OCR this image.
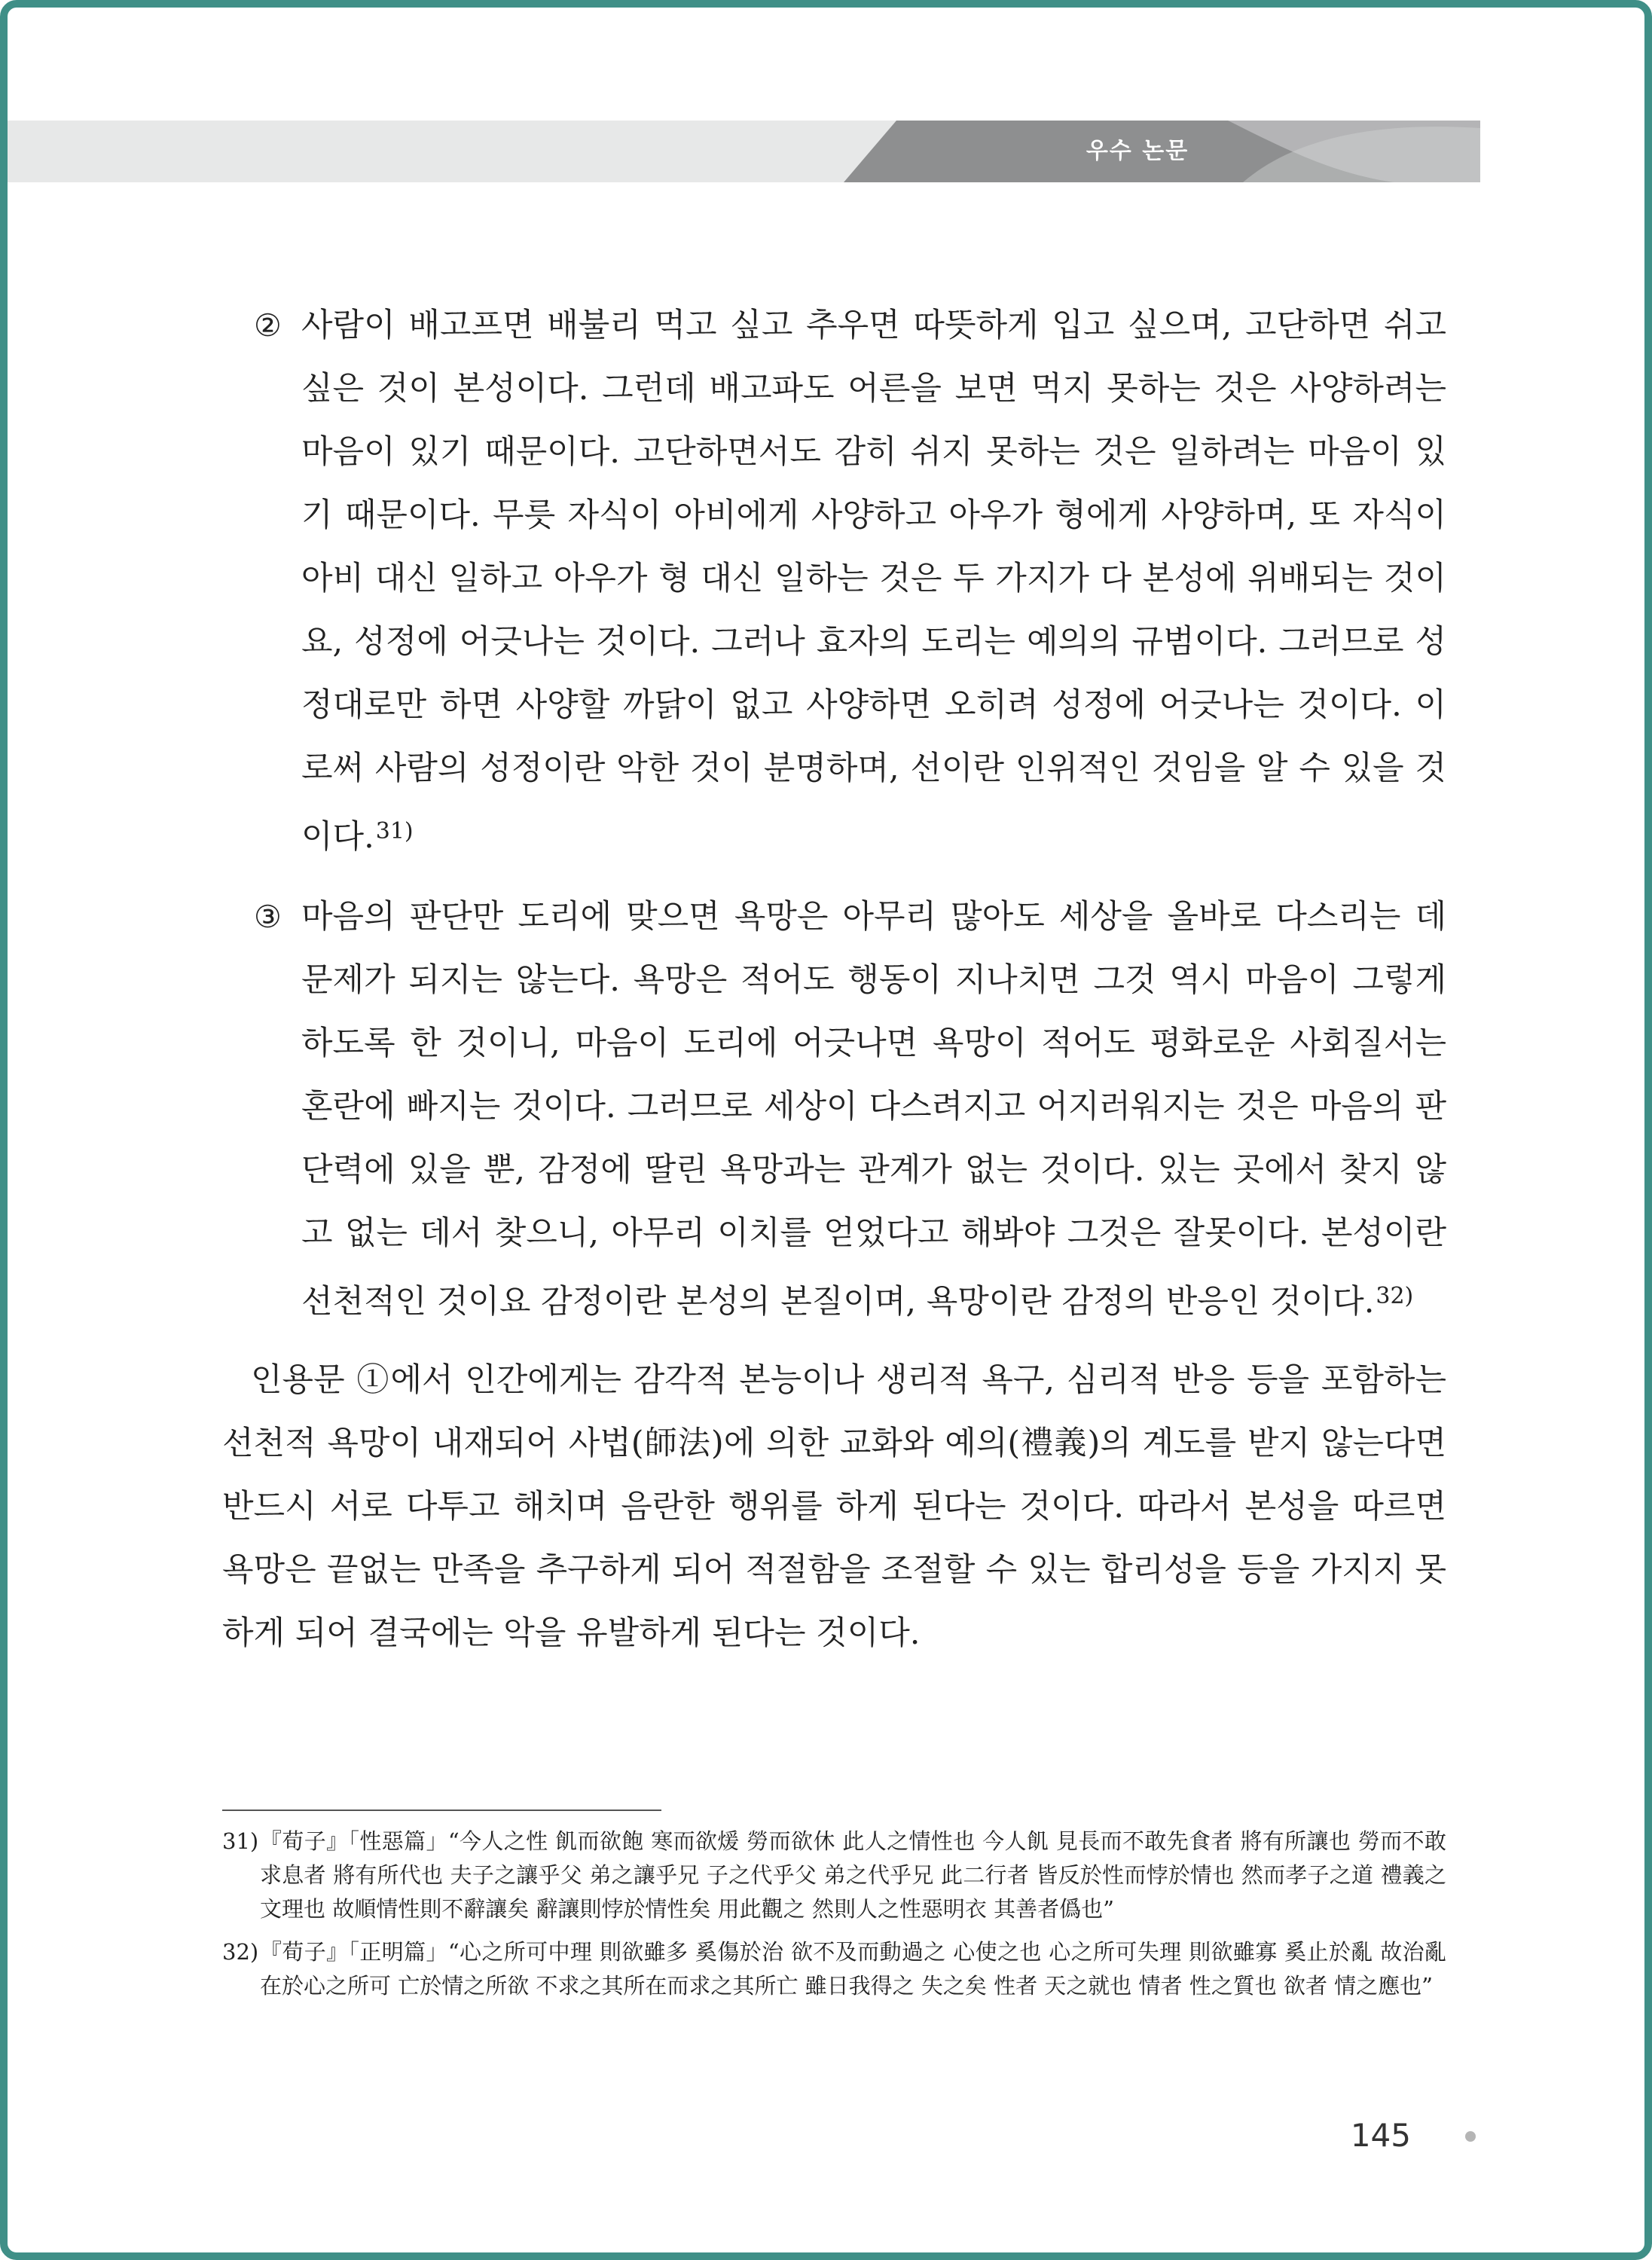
우수 논문
② 사람이 배고프면 배불리 먹고 싶고 추우면 따뜻하게 입고 싶으며, 고단하면 쉬고 싶은 것이 본성이다. 그런데 배고파도 어른을 보면 먹지 못하는 것은 사양하려는 마음이 있기 때문이다. 고단하면서도 감히 쉬지 못하는 것은 일하려는 마음이 있기 때문이다. 무릇 자식이 아비에게 사양하고 아우가 형에게 사양하며, 또 자식이 아비 대신 일하고 아우가 형 대신 일하는 것은 두 가지가 다 본성에 위배되는 것이요, 성정에 어긋나는 것이다. 그러나 효자의 도리는 예의의 규범이다. 그러므로 성정대로만 하면 사양할 까닭이 없고 사양하면 오히려 성정에 어긋나는 것이다. 이로써 사람의 성정이란 악한 것이 분명하며, 선이란 인위적인 것임을 알 수 있을 것이다.$^{31)}$
③ 마음의 판단만 도리에 맞으면 욕망은 아무리 많아도 세상을 올바로 다스리는 데 문제가 되지는 않는다. 욕망은 적어도 행동이 지나치면 그것 역시 마음이 그렇게 하도록 한 것이니, 마음이 도리에 어긋나면 욕망이 적어도 평화로운 사회질서는 혼란에 빠지는 것이다. 그러므로 세상이 다스려지고 어지러워지는 것은 마음의 판단력에 있을 뿐, 감정에 딸린 욕망과는 관계가 없는 것이다. 있는 곳에서 찾지 않고 없는 데서 찾으니, 아무리 이치를 얻었다고 해봐야 그것은 잘못이다. 본성이란 선천적인 것이요 감정이란 본성의 본질이며, 욕망이란 감정의 반응인 것이다.$^{32)}$

인용문 ①에서 인간에게는 감각적 본능이나 생리적 욕구, 심리적 반응 등을 포함하는 선천적 욕망이 내재되어 사법(師法)에 의한 교화와 예의(禮義)의 계도를 받지 않는다면 반드시 서로 다투고 해치며 음란한 행위를 하게 된다는 것이다. 따라서 본성을 따르면 욕망은 끝없는 만족을 추구하게 되어 적절함을 조절할 수 있는 합리성을 등을 가지지 못하게 되어 결국에는 악을 유발하게 된다는 것이다.

31) 『荀子』「性惡篇」“今人之性 飢而欲飽 寒而欲煖 勞而欲休 此人之情性也 今人飢 見長而不敢先食者 將有所讓也 勞而不敢求息者 將有所代也 夫子之讓乎父 弟之讓乎兄 子之代乎父 弟之代乎兄 此二行者 皆反於性而悖於情也 然而孝子之道 禮義之文理也 故順情性則不辭讓矣 辭讓則悖於情性矣 用此觀之 然則人之性惡明衣 其善者僞也”
32) 『荀子』「正明篇」“心之所可中理 則欲雖多 奚傷於治 欲不及而動過之 心使之也 心之所可失理 則欲雖寡 奚止於亂 故治亂在於心之所可 亡於情之所欲 不求之其所在而求之其所亡 雖日我得之 失之矣 性者 天之就也 情者 性之質也 欲者 情之應也”
145
